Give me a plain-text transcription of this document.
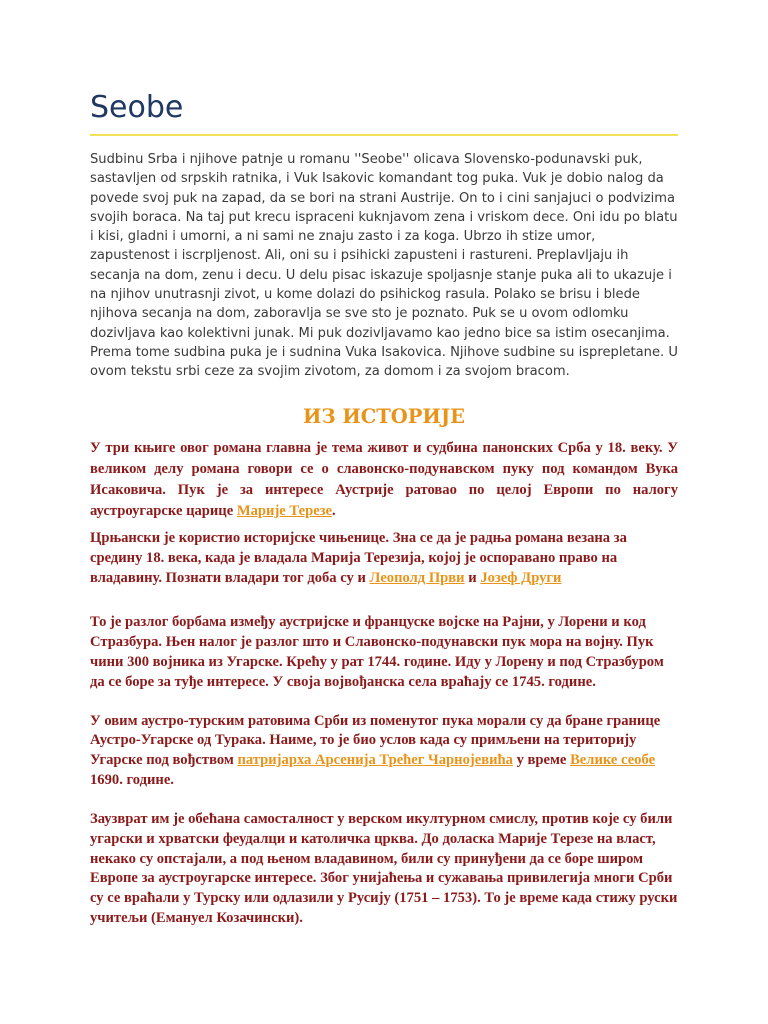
Seobe

Sudbinu Srba i njihove patnje u romanu ''Seobe'' olicava Slovensko-podunavski puk, sastavljen od srpskih ratnika, i Vuk Isakovic komandant tog puka. Vuk je dobio nalog da povede svoj puk na zapad, da se bori na strani Austrije. On to i cini sanjajuci o podvizima svojih boraca. Na taj put krecu ispraceni kuknjavom zena i vriskom dece. Oni idu po blatu i kisi, gladni i umorni, a ni sami ne znaju zasto i za koga. Ubrzo ih stize umor, zapustenost i iscrpljenost. Ali, oni su i psihicki zapusteni i rastureni. Preplavljaju ih secanja na dom, zenu i decu. U delu pisac iskazuje spoljasnje stanje puka ali to ukazuje i na njihov unutrasnji zivot, u kome dolazi do psihickog rasula. Polako se brisu i blede njihova secanja na dom, zaboravlja se sve sto je poznato. Puk se u ovom odlomku dozivljava kao kolektivni junak. Mi puk dozivljavamo kao jedno bice sa istim osecanjima. Prema tome sudbina puka je i sudnina Vuka Isakovica. Njihove sudbine su isprepletane. U ovom tekstu srbi ceze za svojim zivotom, za domom i za svojom bracom.

ИЗ ИСТОРИЈЕ

У три књиге овог романа главна је тема живот и судбина панонских Срба у 18. веку. У великом делу романа говори се о славонско-подунавском пуку под командом Вука Исаковича. Пук је за интересе Аустрије ратовао по целој Европи по налогу аустроугарске царице Марије Терезе.

Црњански је користио историјске чињенице. Зна се да је радња романа везана за средину 18. века, када је владала Марија Терезија, којој је оспоравано право на владавину. Познати владари тог доба су и Леополд Први и Јозеф Други

То је разлог борбама између аустријске и француске војске на Рајни, у Лорени и код Стразбура. Њен налог је разлог што и Славонско-подунавски пук мора на војну. Пук чини 300 војника из Угарске. Крећу у рат 1744. године. Иду у Лорену и под Стразбуром да се боре за туђе интересе. У своја војвођанска села враћају се 1745. године.

У овим аустро-турским ратовима Срби из поменутог пука морали су да бране границе Аустро-Угарске од Турака. Наиме, то је био услов када су примљени на територију Угарске под вођством патријарха Арсенија Трећег Чарнојевића у време Велике сеобе 1690. године.

Заузврат им је обећана самосталност у верском икултурном смислу, против које су били угарски и хрватски феудалци и католичка црква. До доласка Марије Терезе на власт, некако су опстајали, а под њеном владавином, били су принуђени да се боре широм Европе за аустроугарске интересе. Због унијаћења и сужавања привилегија многи Срби су се враћали у Турску или одлазили у Русију (1751 – 1753). То је време када стижу руски учитељи (Емануел Козачински).
